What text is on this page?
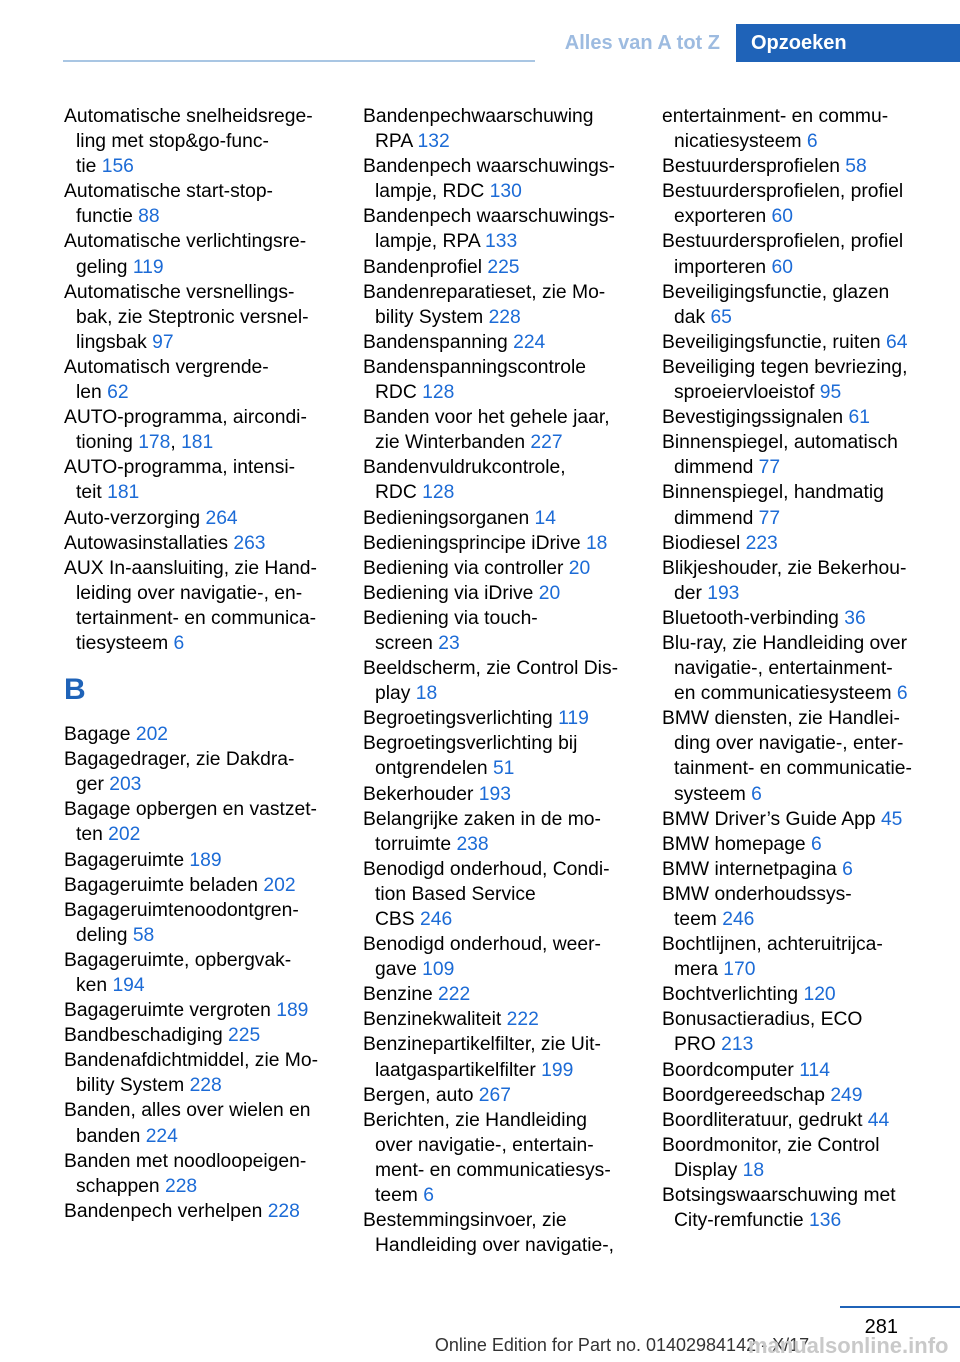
Alles van A tot Z	Opzoeken
Automatische snelheidsrege-
ling met stop&go-func-
tie 156
Automatische start-stop-
functie 88
Automatische verlichtingsre-
geling 119
Automatische versnellings-
bak, zie Steptronic versnel-
lingsbak 97
Automatisch vergrende-
len 62
AUTO-programma, aircondi-
tioning 178, 181
AUTO-programma, intensi-
teit 181
Auto-verzorging 264
Autowasinstallaties 263
AUX In-aansluiting, zie Hand-
leiding over navigatie-, en-
tertainment- en communica-
tiesysteem 6
B
Bagage 202
Bagagedrager, zie Dakdra-
ger 203
Bagage opbergen en vastzet-
ten 202
Bagageruimte 189
Bagageruimte beladen 202
Bagageruimtenoodontgren-
deling 58
Bagageruimte, opbergvak-
ken 194
Bagageruimte vergroten 189
Bandbeschadiging 225
Bandenafdichtmiddel, zie Mo-
bility System 228
Banden, alles over wielen en
banden 224
Banden met noodloopeigen-
schappen 228
Bandenpech verhelpen 228
Bandenpechwaarschuwing
RPA 132
Bandenpech waarschuwings-
lampje, RDC 130
Bandenpech waarschuwings-
lampje, RPA 133
Bandenprofiel 225
Bandenreparatieset, zie Mo-
bility System 228
Bandenspanning 224
Bandenspanningscontrole
RDC 128
Banden voor het gehele jaar,
zie Winterbanden 227
Bandenvuldrukcontrole,
RDC 128
Bedieningsorganen 14
Bedieningsprincipe iDrive 18
Bediening via controller 20
Bediening via iDrive 20
Bediening via touch-
screen 23
Beeldscherm, zie Control Dis-
play 18
Begroetingsverlichting 119
Begroetingsverlichting bij
ontgrendelen 51
Bekerhouder 193
Belangrijke zaken in de mo-
torruimte 238
Benodigd onderhoud, Condi-
tion Based Service
CBS 246
Benodigd onderhoud, weer-
gave 109
Benzine 222
Benzinekwaliteit 222
Benzinepartikelfilter, zie Uit-
laatgaspartikelfilter 199
Bergen, auto 267
Berichten, zie Handleiding
over navigatie-, entertain-
ment- en communicatiesys-
teem 6
Bestemmingsinvoer, zie
Handleiding over navigatie-,
entertainment- en commu-
nicatiesysteem 6
Bestuurdersprofielen 58
Bestuurdersprofielen, profiel
exporteren 60
Bestuurdersprofielen, profiel
importeren 60
Beveiligingsfunctie, glazen
dak 65
Beveiligingsfunctie, ruiten 64
Beveiliging tegen bevriezing,
sproeiervloeistof 95
Bevestigingssignalen 61
Binnenspiegel, automatisch
dimmend 77
Binnenspiegel, handmatig
dimmend 77
Biodiesel 223
Blikjeshouder, zie Bekerhou-
der 193
Bluetooth-verbinding 36
Blu-ray, zie Handleiding over
navigatie-, entertainment-
en communicatiesysteem 6
BMW diensten, zie Handlei-
ding over navigatie-, enter-
tainment- en communicatie-
systeem 6
BMW Driver’s Guide App 45
BMW homepage 6
BMW internetpagina 6
BMW onderhoudssys-
teem 246
Bochtlijnen, achteruitrijca-
mera 170
Bochtverlichting 120
Bonusactieradius, ECO
PRO 213
Boordcomputer 114
Boordgereedschap 249
Boordliteratuur, gedrukt 44
Boordmonitor, zie Control
Display 18
Botsingswaarschuwing met
City-remfunctie 136
281
Online Edition for Part no. 01402984142 - X/17
manualsonline.info
